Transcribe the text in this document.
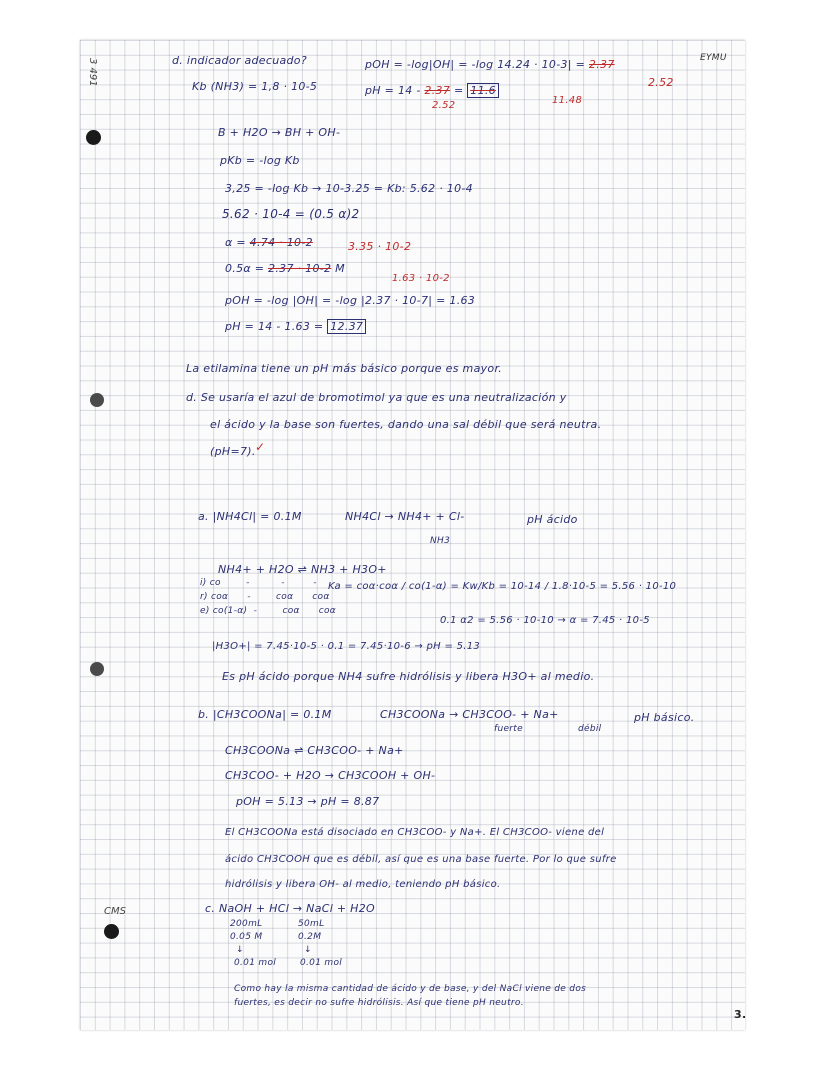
3 491
CMS
EYMU
d. indicador adecuado?
Kb (NH3) = 1,8 · 10-5
pOH = -log|OH| = -log 14.24 · 10-3| = 2.37
2.52
pH = 14 - 2.37 = 11.6
2.52	11.48
B + H2O → BH + OH-
pKb = -log Kb
3,25 = -log Kb → 10-3.25 = Kb: 5.62 · 10-4
5.62 · 10-4 = (0.5 α)2
α = 4.74 · 10-2	3.35 · 10-2
0.5α = 2.37 · 10-2 M
1.63 · 10-2
pOH = -log |OH| = -log |2.37 · 10-7| = 1.63
pH = 14 - 1.63 = 12.37
La etilamina tiene un pH más básico porque es mayor.
d. Se usaría el azul de bromotimol ya que es una neutralización y
el ácido y la base son fuertes, dando una sal débil que será neutra.
(pH=7). ✓
a. |NH4Cl| = 0.1M	NH4Cl → NH4+ + Cl-
NH3
pH ácido
NH4+ + H2O ⇌ NH3 + H3O+
i) co        -          -         -
r) coα      -        coα      coα
e) co(1-α)  -        coα      coα
Ka = coα·coα / co(1-α) = Kw/Kb = 10-14 / 1.8·10-5 = 5.56 · 10-10
0.1 α2 = 5.56 · 10-10 → α = 7.45 · 10-5
|H3O+| = 7.45·10-5 · 0.1 = 7.45·10-6 → pH = 5.13
Es pH ácido porque NH4 sufre hidrólisis y libera H3O+ al medio.
b. |CH3COONa| = 0.1M	CH3COONa → CH3COO- + Na+
fuerte	débil
pH básico.
CH3COONa ⇌ CH3COO- + Na+
CH3COO- + H2O → CH3COOH + OH-
pOH = 5.13 → pH = 8.87
El CH3COONa está disociado en CH3COO- y Na+. El CH3COO- viene del
ácido CH3COOH que es débil, así que es una base fuerte. Por lo que sufre
hidrólisis y libera OH- al medio, teniendo pH básico.
c. NaOH + HCl → NaCl + H2O
200mL
0.05 M
↓
0.01 mol
50mL
0.2M
↓
0.01 mol
Como hay la misma cantidad de ácido y de base, y del NaCl viene de dos
fuertes, es decir no sufre hidrólisis. Así que tiene pH neutro.
3.
